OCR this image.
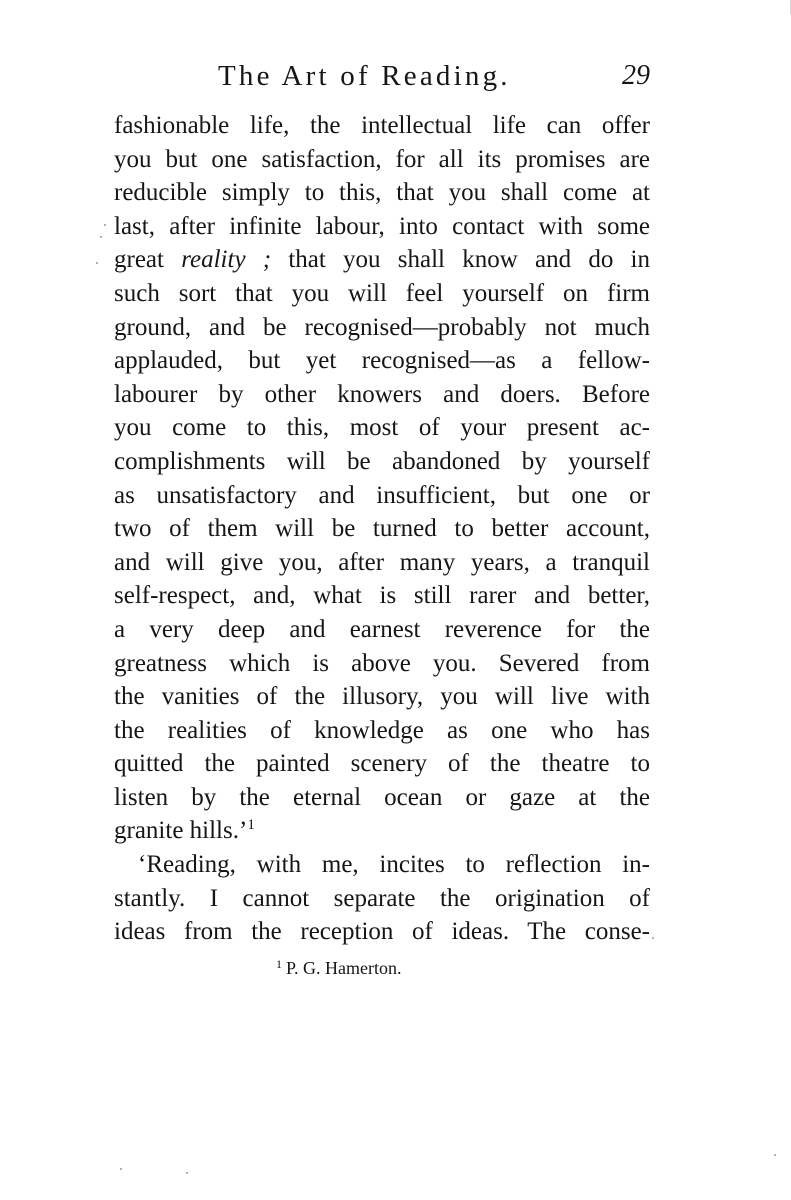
The Art of Reading.	29
fashionable life, the intellectual life can offer
you but one satisfaction, for all its promises are
reducible simply to this, that you shall come at
last, after infinite labour, into contact with some
great reality ; that you shall know and do in
such sort that you will feel yourself on firm
ground, and be recognised—probably not much
applauded, but yet recognised—as a fellow-
labourer by other knowers and doers. Before
you come to this, most of your present ac-
complishments will be abandoned by yourself
as unsatisfactory and insufficient, but one or
two of them will be turned to better account,
and will give you, after many years, a tranquil
self-respect, and, what is still rarer and better,
a very deep and earnest reverence for the
greatness which is above you. Severed from
the vanities of the illusory, you will live with
the realities of knowledge as one who has
quitted the painted scenery of the theatre to
listen by the eternal ocean or gaze at the
granite hills.’$^1$
‘Reading, with me, incites to reflection in-
stantly. I cannot separate the origination of
ideas from the reception of ideas. The conse-
$^1$ P. G. Hamerton.
